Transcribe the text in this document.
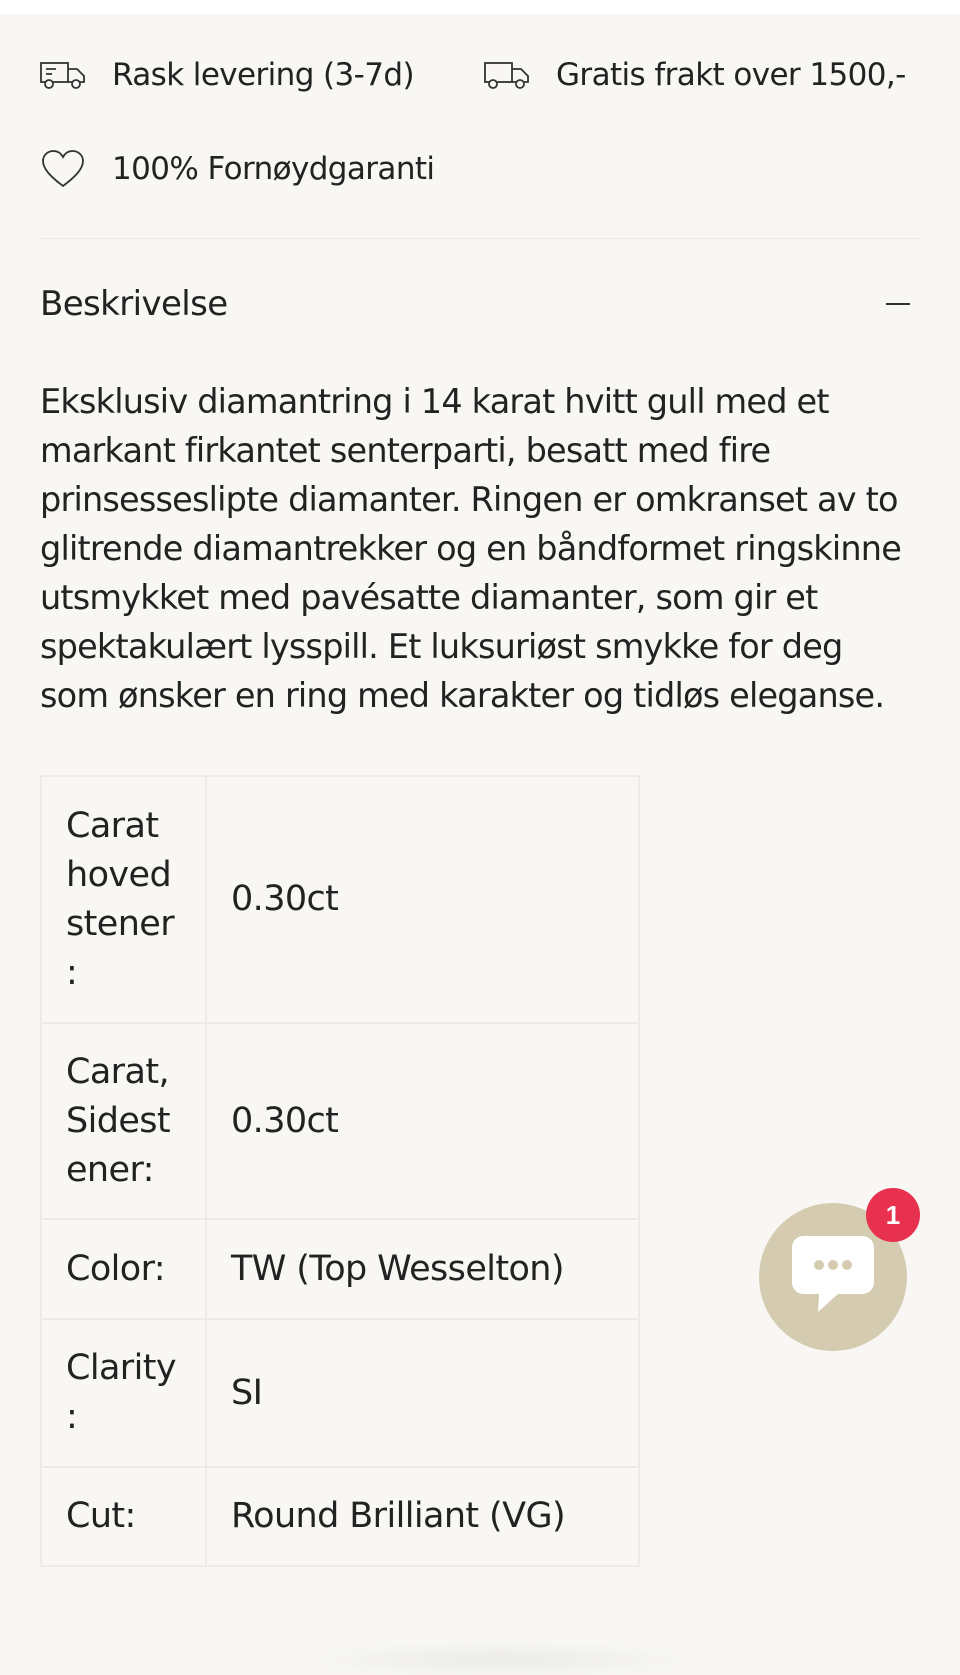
Rask levering (3-7d)	Gratis frakt over 1500,-
100% Fornøydgaranti
Beskrivelse

Eksklusiv diamantring i 14 karat hvitt gull med et markant firkantet senterparti, besatt med fire prinsesseslipte diamanter. Ringen er omkranset av to glitrende diamantrekker og en båndformet ringskinne utsmykket med pavésatte diamanter, som gir et spektakulært lysspill. Et luksuriøst smykke for deg som ønsker en ring med karakter og tidløs eleganse.

Carat hoved stener :	0.30ct
Carat, Sidest ener:	0.30ct
Color:	TW (Top Wesselton)
Clarity :	SI
Cut:	Round Brilliant (VG)
1
